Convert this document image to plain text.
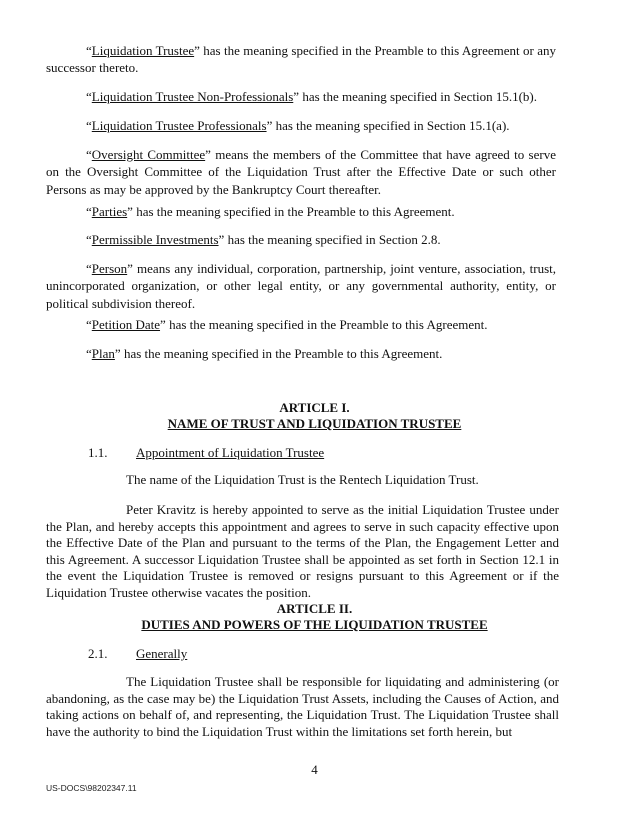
“Liquidation Trustee” has the meaning specified in the Preamble to this Agreement or any successor thereto.

“Liquidation Trustee Non-Professionals” has the meaning specified in Section 15.1(b).

“Liquidation Trustee Professionals” has the meaning specified in Section 15.1(a).

“Oversight Committee” means the members of the Committee that have agreed to serve on the Oversight Committee of the Liquidation Trust after the Effective Date or such other Persons as may be approved by the Bankruptcy Court thereafter.

“Parties” has the meaning specified in the Preamble to this Agreement.

“Permissible Investments” has the meaning specified in Section 2.8.

“Person” means any individual, corporation, partnership, joint venture, association, trust, unincorporated organization, or other legal entity, or any governmental authority, entity, or political subdivision thereof.

“Petition Date” has the meaning specified in the Preamble to this Agreement.

“Plan” has the meaning specified in the Preamble to this Agreement.

ARTICLE I.
NAME OF TRUST AND LIQUIDATION TRUSTEE
1.1. Appointment of Liquidation Trustee

The name of the Liquidation Trust is the Rentech Liquidation Trust.

Peter Kravitz is hereby appointed to serve as the initial Liquidation Trustee under the Plan, and hereby accepts this appointment and agrees to serve in such capacity effective upon the Effective Date of the Plan and pursuant to the terms of the Plan, the Engagement Letter and this Agreement. A successor Liquidation Trustee shall be appointed as set forth in Section 12.1 in the event the Liquidation Trustee is removed or resigns pursuant to this Agreement or if the Liquidation Trustee otherwise vacates the position.

ARTICLE II.
DUTIES AND POWERS OF THE LIQUIDATION TRUSTEE
2.1. Generally

The Liquidation Trustee shall be responsible for liquidating and administering (or abandoning, as the case may be) the Liquidation Trust Assets, including the Causes of Action, and taking actions on behalf of, and representing, the Liquidation Trust. The Liquidation Trustee shall have the authority to bind the Liquidation Trust within the limitations set forth herein, but

4
US-DOCS\98202347.11
